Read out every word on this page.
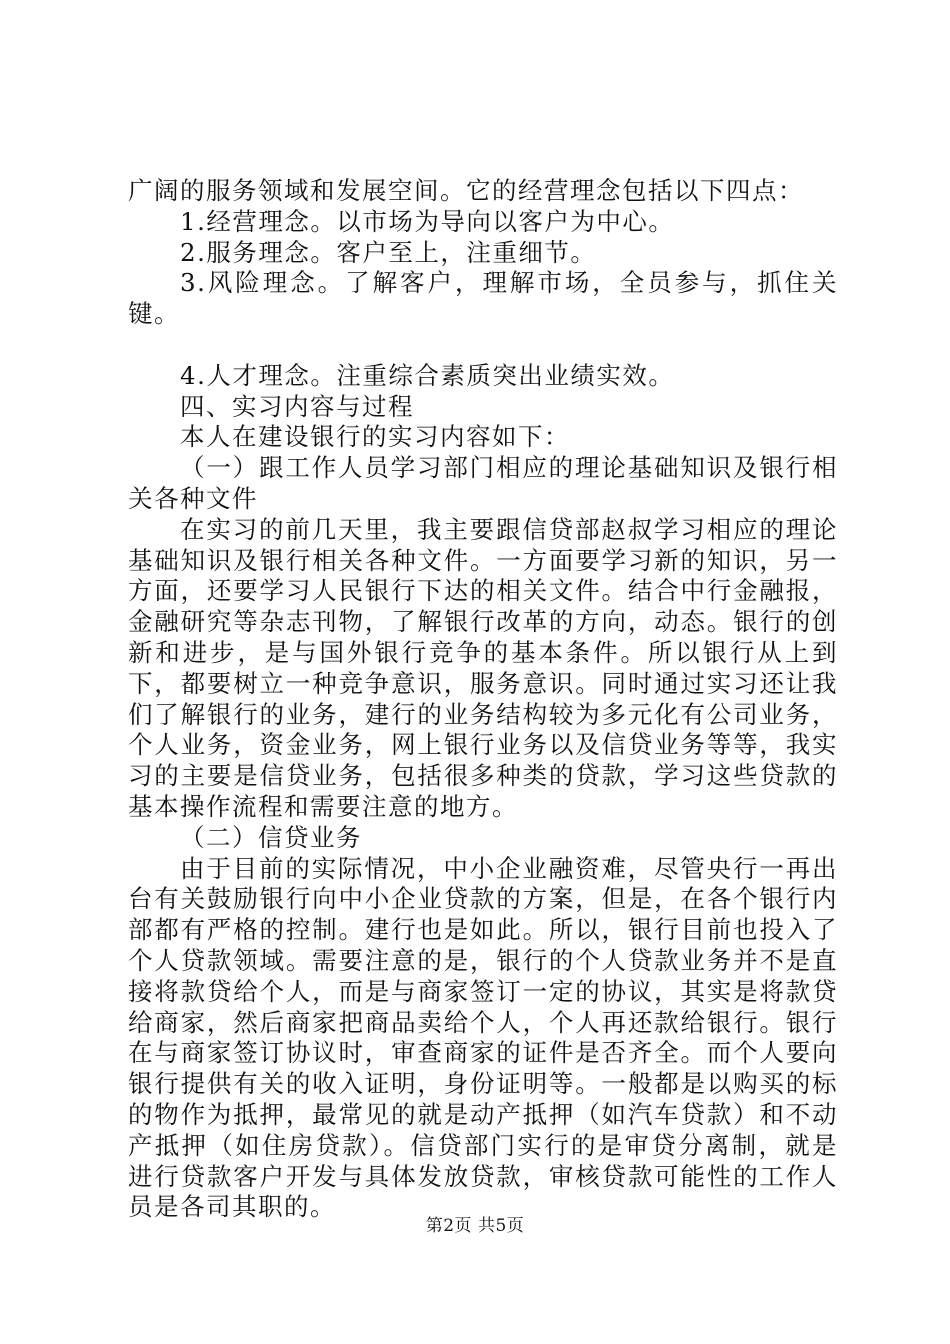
广阔的服务领域和发展空间。它的经营理念包括以下四点：

1.经营理念。以市场为导向以客户为中心。

2.服务理念。客户至上，注重细节。

3.风险理念。了解客户，理解市场，全员参与，抓住关键。

4.人才理念。注重综合素质突出业绩实效。

四、实习内容与过程

本人在建设银行的实习内容如下：

（一）跟工作人员学习部门相应的理论基础知识及银行相关各种文件

在实习的前几天里，我主要跟信贷部赵叔学习相应的理论基础知识及银行相关各种文件。一方面要学习新的知识，另一方面，还要学习人民银行下达的相关文件。结合中行金融报，金融研究等杂志刊物，了解银行改革的方向，动态。银行的创新和进步，是与国外银行竞争的基本条件。所以银行从上到下，都要树立一种竞争意识，服务意识。同时通过实习还让我们了解银行的业务，建行的业务结构较为多元化有公司业务，个人业务，资金业务，网上银行业务以及信贷业务等等，我实习的主要是信贷业务，包括很多种类的贷款，学习这些贷款的基本操作流程和需要注意的地方。

（二）信贷业务

由于目前的实际情况，中小企业融资难，尽管央行一再出台有关鼓励银行向中小企业贷款的方案，但是，在各个银行内部都有严格的控制。建行也是如此。所以，银行目前也投入了个人贷款领域。需要注意的是，银行的个人贷款业务并不是直接将款贷给个人，而是与商家签订一定的协议，其实是将款贷给商家，然后商家把商品卖给个人，个人再还款给银行。银行在与商家签订协议时，审查商家的证件是否齐全。而个人要向银行提供有关的收入证明，身份证明等。一般都是以购买的标的物作为抵押，最常见的就是动产抵押（如汽车贷款）和不动产抵押（如住房贷款）。信贷部门实行的是审贷分离制，就是进行贷款客户开发与具体发放贷款，审核贷款可能性的工作人员是各司其职的。

第2页 共5页
